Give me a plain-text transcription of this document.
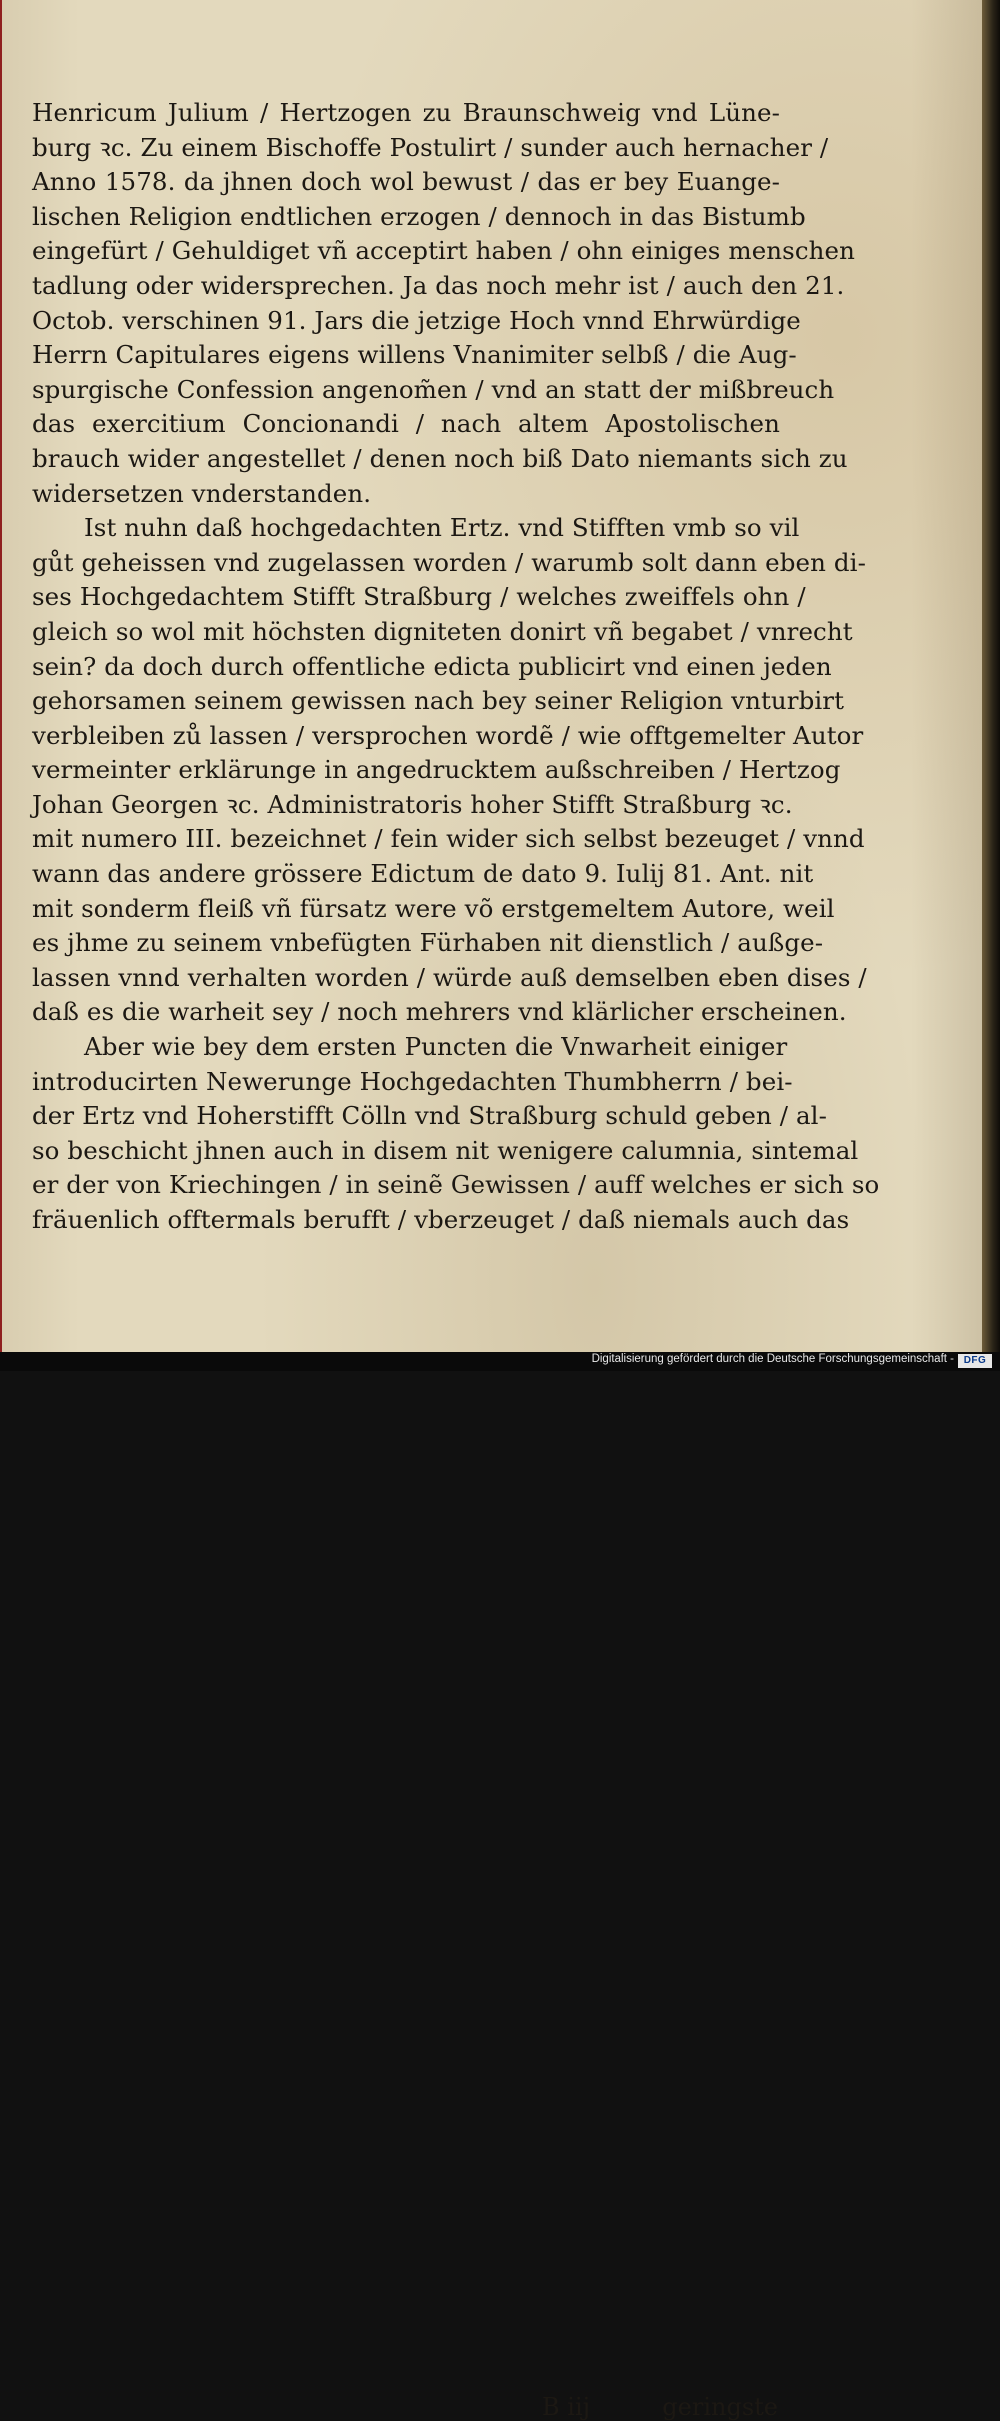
Henricum Julium / Hertzogen zu Braunschweig vnd Lüne-
burg ꝛc. Zu einem Bischoffe Postulirt / sunder auch hernacher /
Anno 1578. da jhnen doch wol bewust / das er bey Euange-
lischen Religion endtlichen erzogen / dennoch in das Bistumb
eingefürt / Gehuldiget vñ acceptirt haben / ohn einiges menschen
tadlung oder widersprechen. Ja das noch mehr ist / auch den 21.
Octob. verschinen 91. Jars die jetzige Hoch vnnd Ehrwürdige
Herrn Capitulares eigens willens Vnanimiter selbß / die Aug-
spurgische Confession angenom̃en / vnd an statt der mißbreuch
das exercitium Concionandi / nach altem Apostolischen
brauch wider angestellet / denen noch biß Dato niemants sich zu
widersetzen vnderstanden.
Ist nuhn daß hochgedachten Ertz. vnd Stifften vmb so vil
gůt geheissen vnd zugelassen worden / warumb solt dann eben di-
ses Hochgedachtem Stifft Straßburg / welches zweiffels ohn /
gleich so wol mit höchsten digniteten donirt vñ begabet / vnrecht
sein? da doch durch offentliche edicta publicirt vnd einen jeden
gehorsamen seinem gewissen nach bey seiner Religion vnturbirt
verbleiben zů lassen / versprochen wordẽ / wie offtgemelter Autor
vermeinter erklärunge in angedrucktem außschreiben / Hertzog
Johan Georgen ꝛc. Administratoris hoher Stifft Straßburg ꝛc.
mit numero III. bezeichnet / fein wider sich selbst bezeuget / vnnd
wann das andere grössere Edictum de dato 9. Iulij 81. Ant. nit
mit sonderm fleiß vñ fürsatz were võ erstgemeltem Autore, weil
es jhme zu seinem vnbefügten Fürhaben nit dienstlich / außge-
lassen vnnd verhalten worden / würde auß demselben eben dises /
daß es die warheit sey / noch mehrers vnd klärlicher erscheinen.
Aber wie bey dem ersten Puncten die Vnwarheit einiger
introducirten Newerunge Hochgedachten Thumbherrn / bei-
der Ertz vnd Hoherstifft Cölln vnd Straßburg schuld geben / al-
so beschicht jhnen auch in disem nit wenigere calumnia, sintemal
er der von Kriechingen / in seinẽ Gewissen / auff welches er sich so
fräuenlich offtermals berufft / vberzeuget / daß niemals auch das
B iij	geringste
Digitalisierung gefördert durch die Deutsche Forschungsgemeinschaft - DFG
